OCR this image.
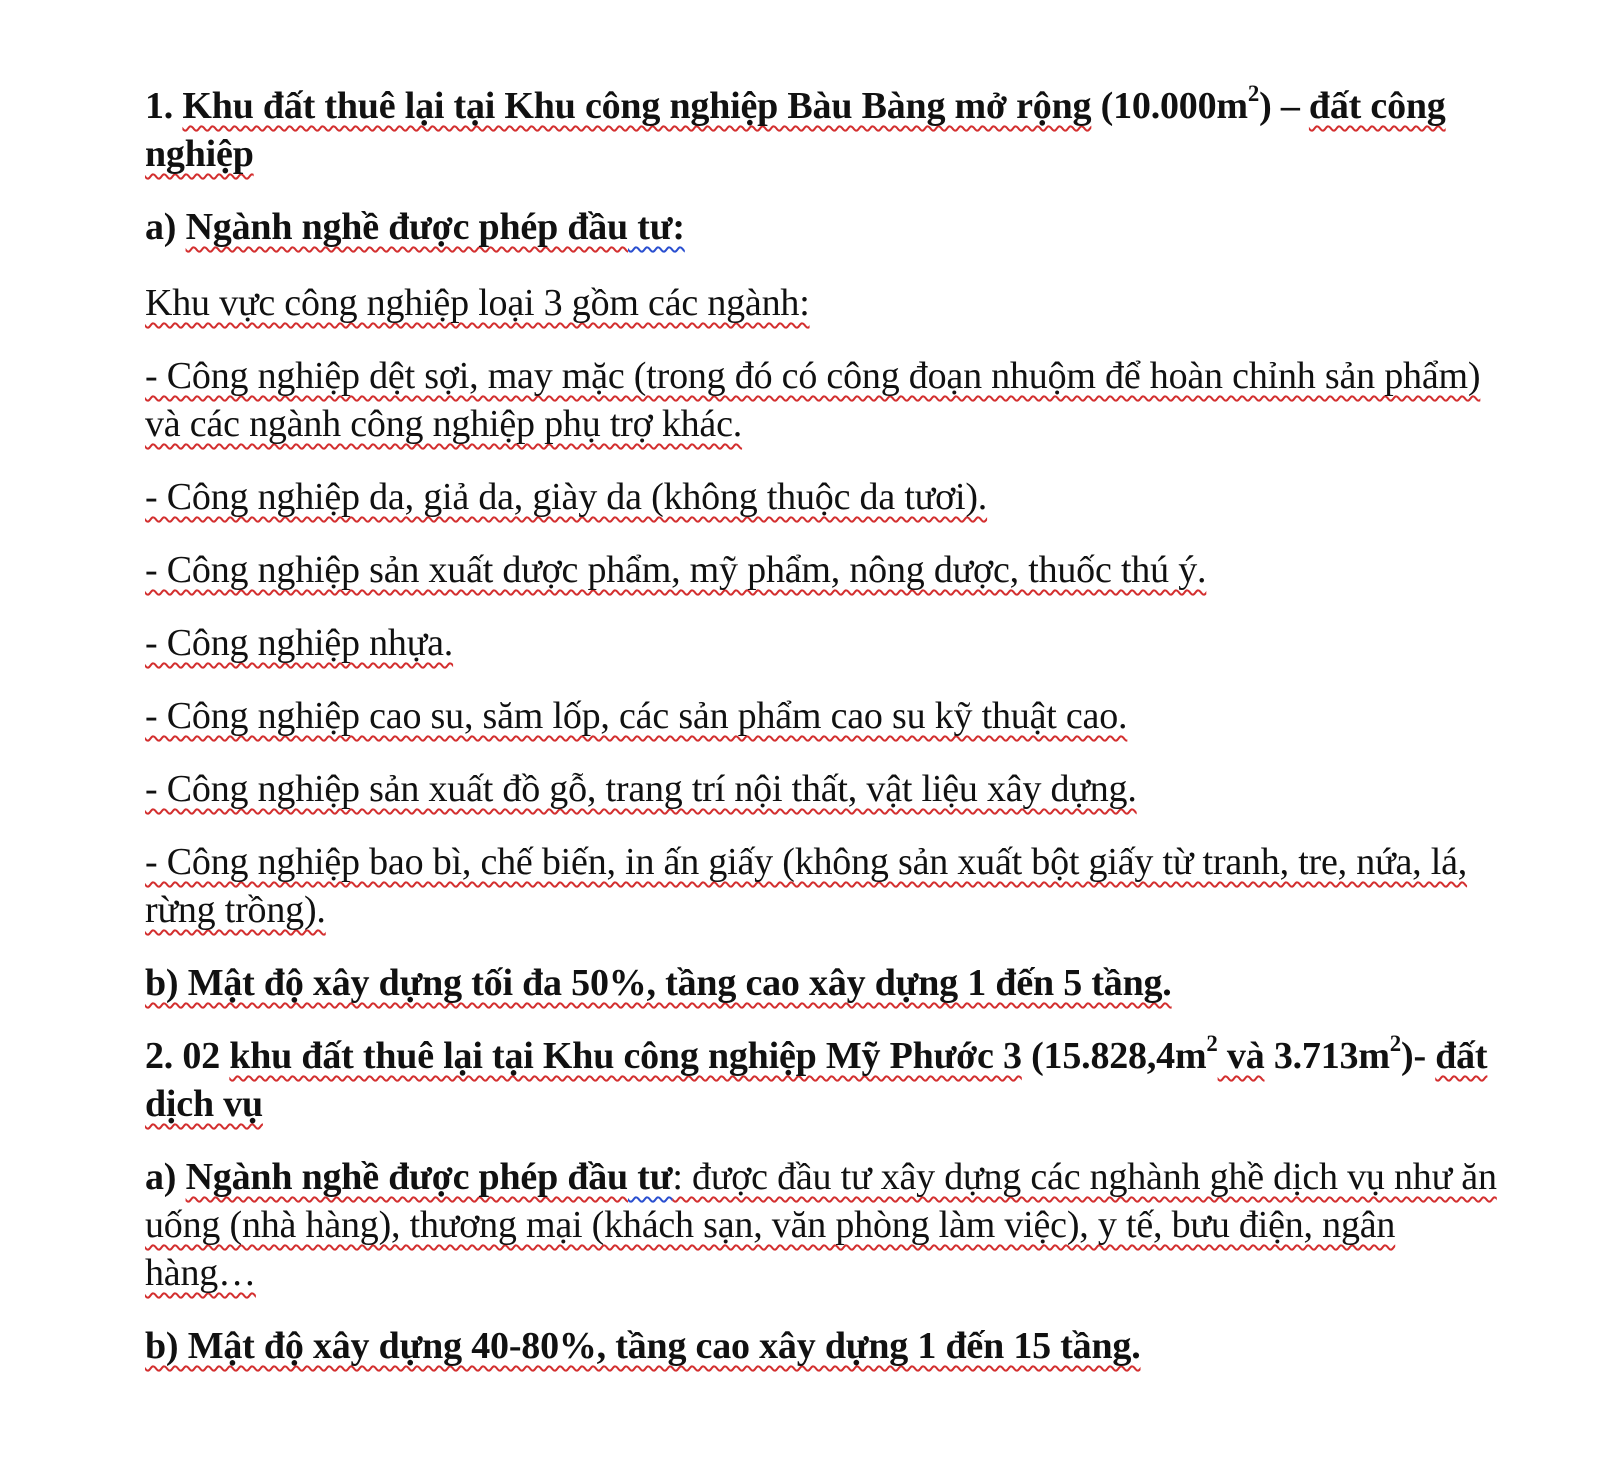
1. Khu đất thuê lại tại Khu công nghiệp Bàu Bàng mở rộng $(10.000m^2)$ – đất công nghiệp
a) Ngành nghề được phép đầu tư:
Khu vực công nghiệp loại 3 gồm các ngành:
- Công nghiệp dệt sợi, may mặc (trong đó có công đoạn nhuộm để hoàn chỉnh sản phẩm) và các ngành công nghiệp phụ trợ khác.
- Công nghiệp da, giả da, giày da (không thuộc da tươi).
- Công nghiệp sản xuất dược phẩm, mỹ phẩm, nông dược, thuốc thú ý.
- Công nghiệp nhựa.
- Công nghiệp cao su, săm lốp, các sản phẩm cao su kỹ thuật cao.
- Công nghiệp sản xuất đồ gỗ, trang trí nội thất, vật liệu xây dựng.
- Công nghiệp bao bì, chế biến, in ấn giấy (không sản xuất bột giấy từ tranh, tre, nứa, lá, rừng trồng).
b) Mật độ xây dựng tối đa 50%, tầng cao xây dựng 1 đến 5 tầng.
2. 02 khu đất thuê lại tại Khu công nghiệp Mỹ Phước 3 ($15.828,4m^2$ và $3.713m^2)-$ đất dịch vụ
a) Ngành nghề được phép đầu tư: được đầu tư xây dựng các nghành ghề dịch vụ như ăn uống (nhà hàng), thương mại (khách sạn, văn phòng làm việc), y tế, bưu điện, ngân hàng…
b) Mật độ xây dựng 40-80%, tầng cao xây dựng 1 đến 15 tầng.
